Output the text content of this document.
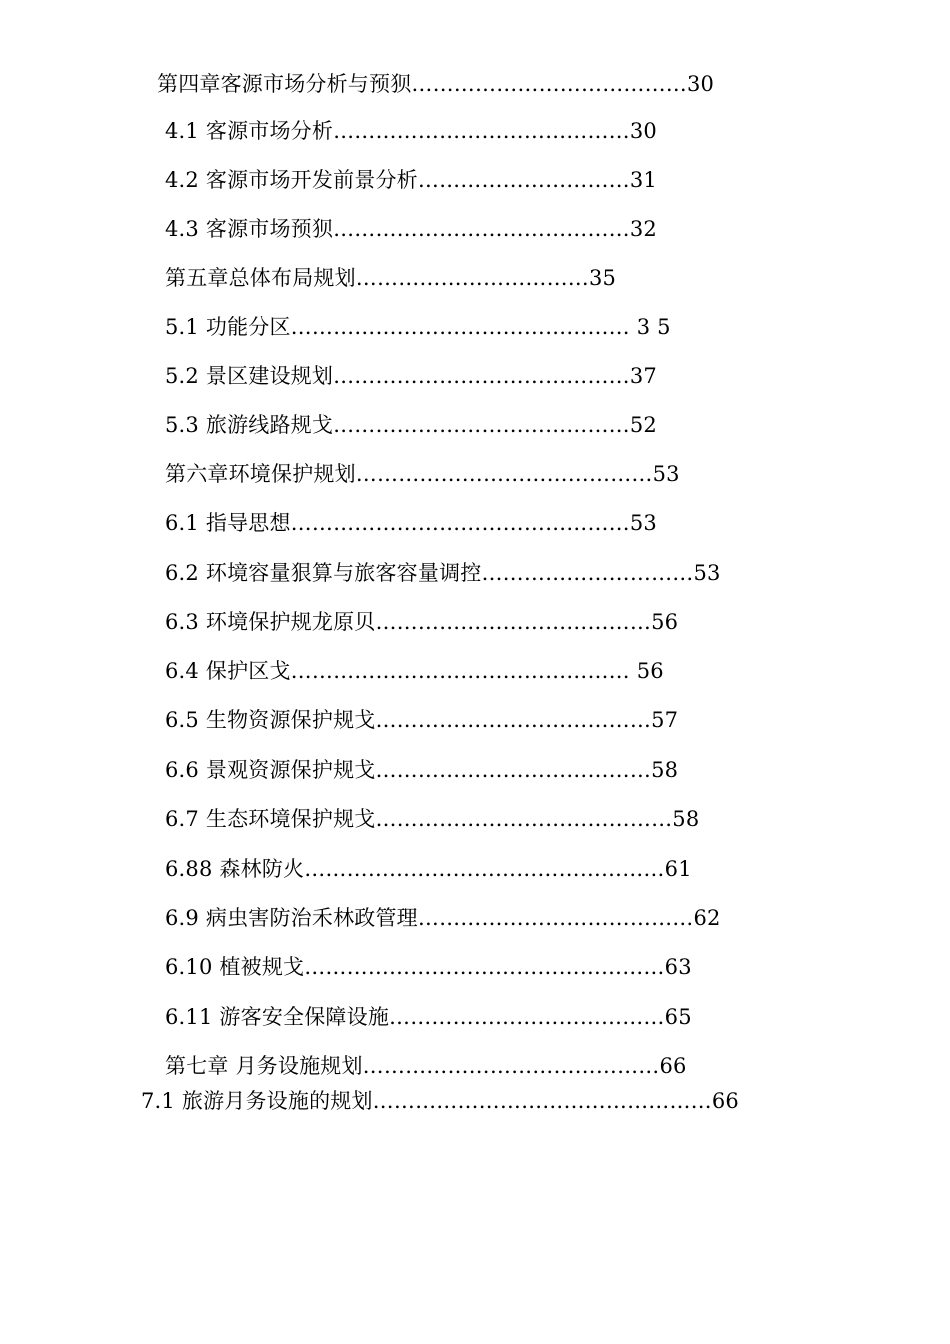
第四章客源市场分析与预狈…………………………………30
4.1 客源市场分析……………………………………30
4.2 客源市场开发前景分析…………………………31
4.3 客源市场预狈……………………………………32
第五章总体布局规划……………………………35
5.1 功能分区………………………………………… 3 5
5.2 景区建设规划……………………………………37
5.3 旅游线路规戈……………………………………52
第六章环境保护规划……………………………………53
6.1 指导思想…………………………………………53
6.2 环境容量狠算与旅客容量调控…………………………53
6.3 环境保护规龙原贝…………………………………56
6.4 保护区戈………………………………………… 56
6.5 生物资源保护规戈…………………………………57
6.6 景观资源保护规戈…………………………………58
6.7 生态环境保护规戈……………………………………58
6.88 森林防火……………………………………………61
6.9 病虫害防治禾林政管理…………………………………62
6.10 植被规戈……………………………………………63
6.11 游客安全保障设施…………………………………65
第七章 月务设施规划……………………………………66
7.1 旅游月务设施的规划…………………………………………66
